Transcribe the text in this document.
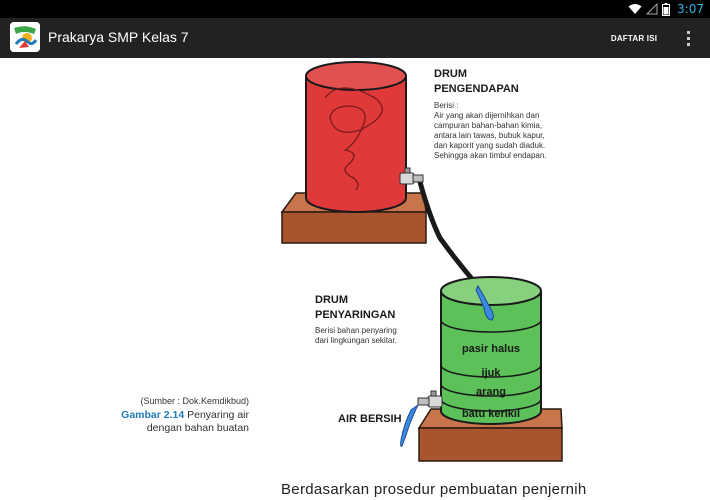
3:07
Prakarya SMP Kelas 7	DAFTAR ISI
DRUM
PENGENDAPAN
Berisi :
Air yang akan dijernihkan dan
campuran bahan-bahan kimia,
antara lain tawas, bubuk kapur,
dan kaporit yang sudah diaduk.
Sehingga akan timbul endapan.
DRUM
PENYARINGAN
Berisi bahan penyaring
dari lingkungan sekitar.
pasir halus
ijuk
arang
batu kerikil
AIR BERSIH
(Sumber : Dok.Kemdikbud)
Gambar 2.14 Penyaring air
dengan bahan buatan
Berdasarkan prosedur pembuatan penjernih
